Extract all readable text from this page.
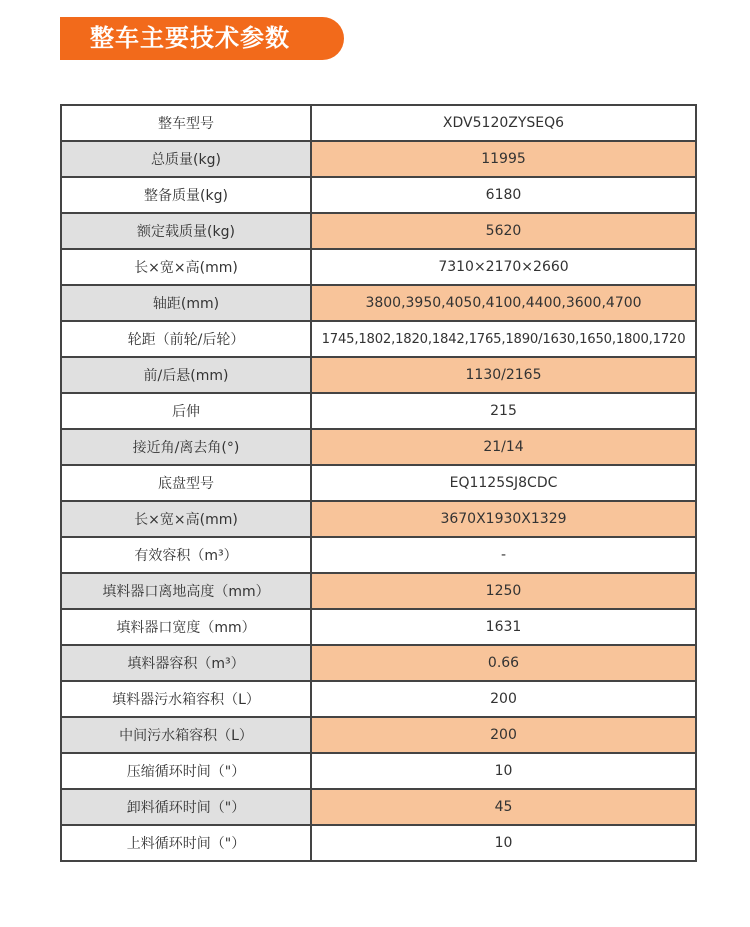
整车主要技术参数
整车型号	XDV5120ZYSEQ6
总质量(kg)	11995
整备质量(kg)	6180
额定载质量(kg)	5620
长×宽×高(mm)	7310×2170×2660
轴距(mm)	3800,3950,4050,4100,4400,3600,4700
轮距（前轮/后轮）	1745,1802,1820,1842,1765,1890/1630,1650,1800,1720
前/后悬(mm)	1130/2165
后伸	215
接近角/离去角(°)	21/14
底盘型号	EQ1125SJ8CDC
长×宽×高(mm)	3670X1930X1329
有效容积（m³）	-
填料器口离地高度（mm）	1250
填料器口宽度（mm）	1631
填料器容积（m³）	0.66
填料器污水箱容积（L）	200
中间污水箱容积（L）	200
压缩循环时间（"）	10
卸料循环时间（"）	45
上料循环时间（"）	10
